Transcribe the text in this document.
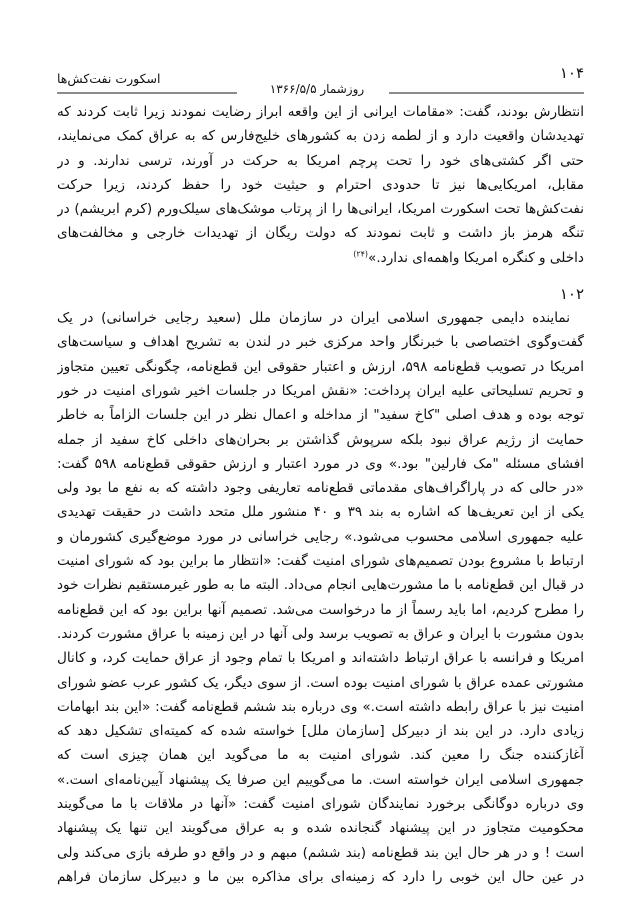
۱۰۴
اسکورت نفت‌کش‌ها
روزشمار ۱۳۶۶/۵/۵

انتظارش بودند، گفت: «مقامات ایرانی از این واقعه ابراز رضایت نمودند زیرا ثابت کردند که
تهدیدشان واقعیت دارد و از لطمه زدن به کشورهای خلیج‌فارس که به عراق کمک می‌نمایند،
حتی اگر کشتی‌های خود را تحت پرچم امریکا به حرکت در آورند، ترسی ندارند. و در
مقابل، امریکایی‌ها نیز تا حدودی احترام و حیثیت خود را حفظ کردند، زیرا حرکت
نفت‌کش‌ها تحت اسکورت امریکا، ایرانی‌ها را از پرتاب موشک‌های سیلک‌ورم (کرم ابریشم) در
تنگه هرمز باز داشت و ثابت نمودند که دولت ریگان از تهدیدات خارجی و مخالفت‌های
داخلی و کنگره امریکا واهمه‌ای ندارد.»$^{(۲۴)}$

۱۰۲

نماینده دایمی جمهوری اسلامی ایران در سازمان ملل (سعید رجایی خراسانی) در یک
گفت‌وگوی اختصاصی با خبرنگار واحد مرکزی خبر در لندن به تشریح اهداف و سیاست‌های
امریکا در تصویب قطع‌نامه ۵۹۸، ارزش و اعتبار حقوقی این قطع‌نامه، چگونگی تعیین متجاوز
و تحریم تسلیحاتی علیه ایران پرداخت: «نقش امریکا در جلسات اخیر شورای امنیت در خور
توجه بوده و هدف اصلی "کاخ سفید" از مداخله و اعمال نظر در این جلسات الزاماً به خاطر
حمایت از رژیم عراق نبود بلکه سرپوش گذاشتن بر بحران‌های داخلی کاخ سفید از جمله
افشای مسئله "مک فارلین" بود.» وی در مورد اعتبار و ارزش حقوقی قطع‌نامه ۵۹۸ گفت:
«در حالی که در پاراگراف‌های مقدماتی قطع‌نامه تعاریفی وجود داشته که به نفع ما بود ولی
یکی از این تعریف‌ها که اشاره به بند ۳۹ و ۴۰ منشور ملل متحد داشت در حقیقت تهدیدی
علیه جمهوری اسلامی محسوب می‌شود.» رجایی خراسانی در مورد موضع‌گیری کشورمان و
ارتباط با مشروع بودن تصمیم‌های شورای امنیت گفت: «انتظار ما براین بود که شورای امنیت
در قبال این قطع‌نامه با ما مشورت‌هایی انجام می‌داد. البته ما به طور غیرمستقیم نظرات خود
را مطرح کردیم، اما باید رسماً از ما درخواست می‌شد. تصمیم آنها براین بود که این قطع‌نامه
بدون مشورت با ایران و عراق به تصویب برسد ولی آنها در این زمینه با عراق مشورت کردند.
امریکا و فرانسه با عراق ارتباط داشته‌اند و امریکا با تمام وجود از عراق حمایت کرد، و کانال
مشورتی عمده عراق با شورای امنیت بوده است. از سوی دیگر، یک کشور عرب عضو شورای
امنیت نیز با عراق رابطه داشته است.» وی درباره بند ششم قطع‌نامه گفت: «این بند ابهامات
زیادی دارد. در این بند از دبیرکل [سازمان ملل] خواسته شده که کمیته‌ای تشکیل دهد که
آغازکننده جنگ را معین کند. شورای امنیت به ما می‌گوید این همان چیزی است که
جمهوری اسلامی ایران خواسته است. ما می‌گوییم این صرفا یک پیشنهاد آیین‌نامه‌ای است.»
وی درباره دوگانگی برخورد نمایندگان شورای امنیت گفت: «آنها در ملاقات با ما می‌گویند
محکومیت متجاوز در این پیشنهاد گنجانده شده و به عراق می‌گویند این تنها یک پیشنهاد
است ! و در هر حال این بند قطع‌نامه (بند ششم) مبهم و در واقع دو طرفه بازی می‌کند ولی
در عین حال این خوبی را دارد که زمینه‌ای برای مذاکره بین ما و دبیرکل سازمان فراهم
